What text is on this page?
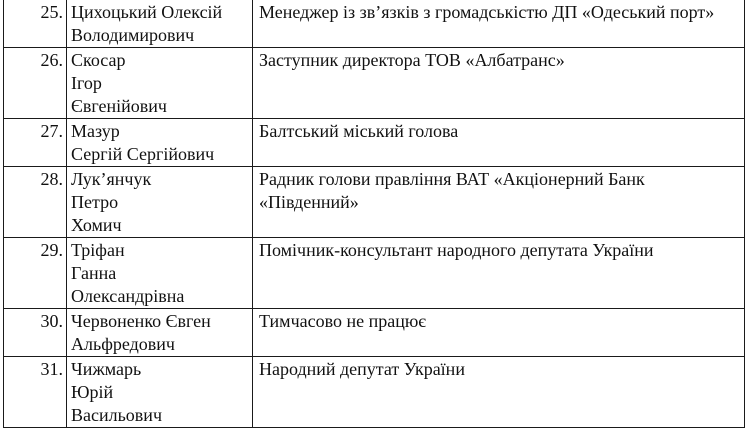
25.	Цихоцький Олексій
Володимирович	Менеджер із зв’язків з громадськістю ДП «Одеський порт»

26.	Скосар
Ігор
Євгенійович	Заступник директора ТОВ «Албатранс»

27.	Мазур
Сергій Сергійович	Балтський міський голова

28.	Лук’янчук
Петро
Хомич	Радник голови правління ВАТ «Акціонерний Банк «Південний»

29.	Тріфан
Ганна
Олександрівна	Помічник-консультант народного депутата України

30.	Червоненко Євген
Альфредович	Тимчасово не працює

31.	Чижмарь
Юрій
Васильович	Народний депутат України
